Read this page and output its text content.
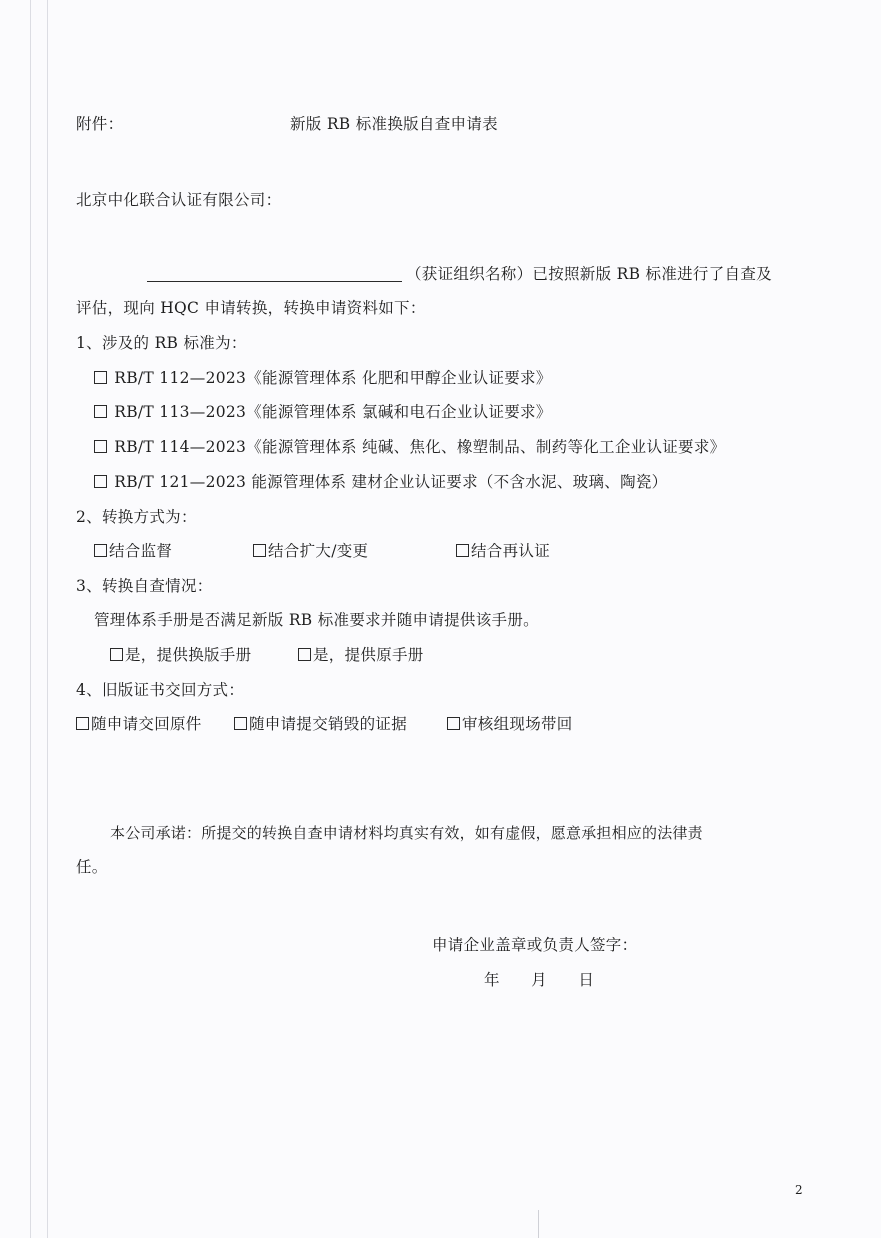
附件：	新版 RB 标准换版自查申请表
北京中化联合认证有限公司：
（获证组织名称）已按照新版 RB 标准进行了自查及
评估，现向 HQC 申请转换，转换申请资料如下：
1、涉及的 RB 标准为：
RB/T 112—2023《能源管理体系 化肥和甲醇企业认证要求》
RB/T 113—2023《能源管理体系 氯碱和电石企业认证要求》
RB/T 114—2023《能源管理体系 纯碱、焦化、橡塑制品、制药等化工企业认证要求》
RB/T 121—2023 能源管理体系 建材企业认证要求（不含水泥、玻璃、陶瓷）
2、转换方式为：
结合监督	结合扩大/变更	结合再认证
3、转换自查情况：
管理体系手册是否满足新版 RB 标准要求并随申请提供该手册。
是，提供换版手册	是，提供原手册
4、旧版证书交回方式：
随申请交回原件	随申请提交销毁的证据	审核组现场带回
本公司承诺：所提交的转换自查申请材料均真实有效，如有虚假，愿意承担相应的法律责
任。
申请企业盖章或负责人签字：
年      月      日
2
